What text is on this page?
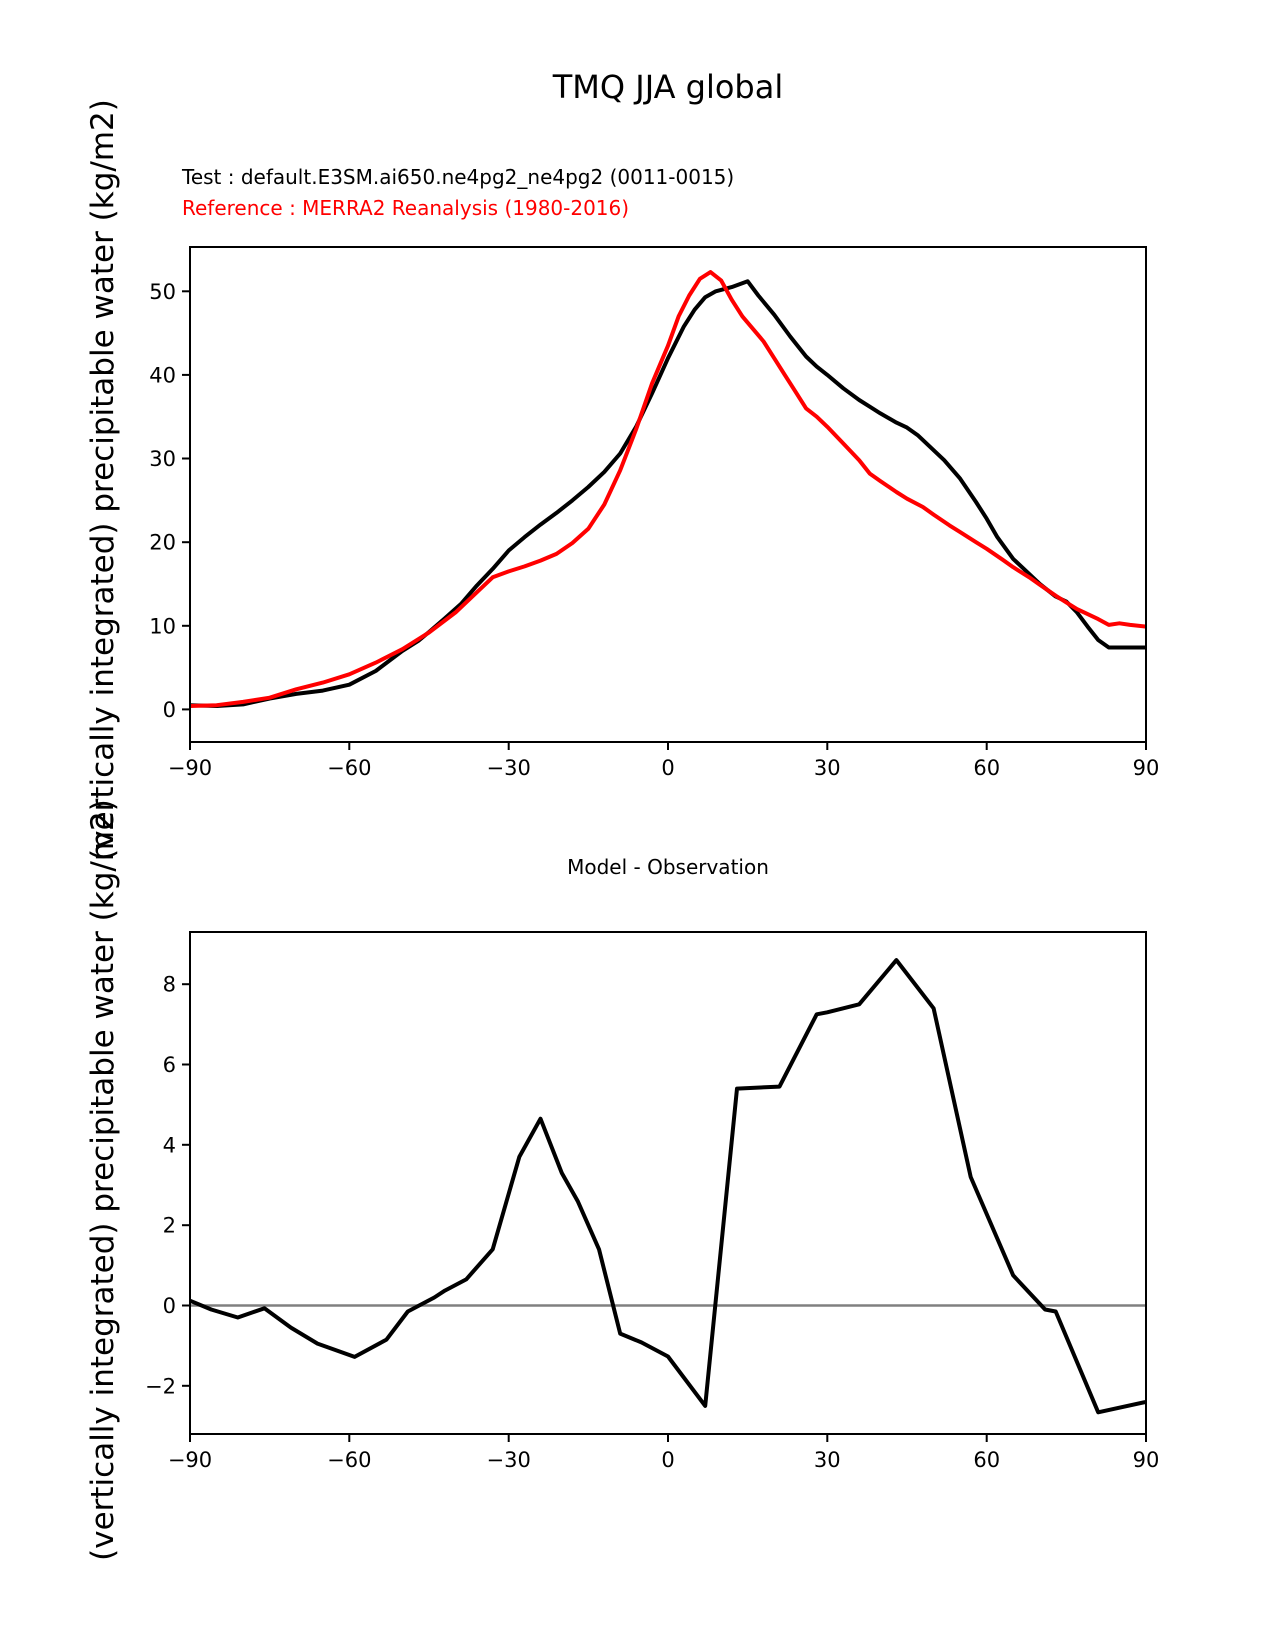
(vertically integrated) precipitable water (kg/m2)
(vertically integrated) precipitable water (kg/m2)
TMQ JJA global
Test : default.E3SM.ai650.ne4pg2_ne4pg2 (0011-0015)
Reference : MERRA2 Reanalysis (1980-2016)
Model - Observation
−90	−60	−30	0	30	60	90
0
10
20
30
40
50
−90	−60	−30	0	30	60	90
−2
0
2
4
6
8
